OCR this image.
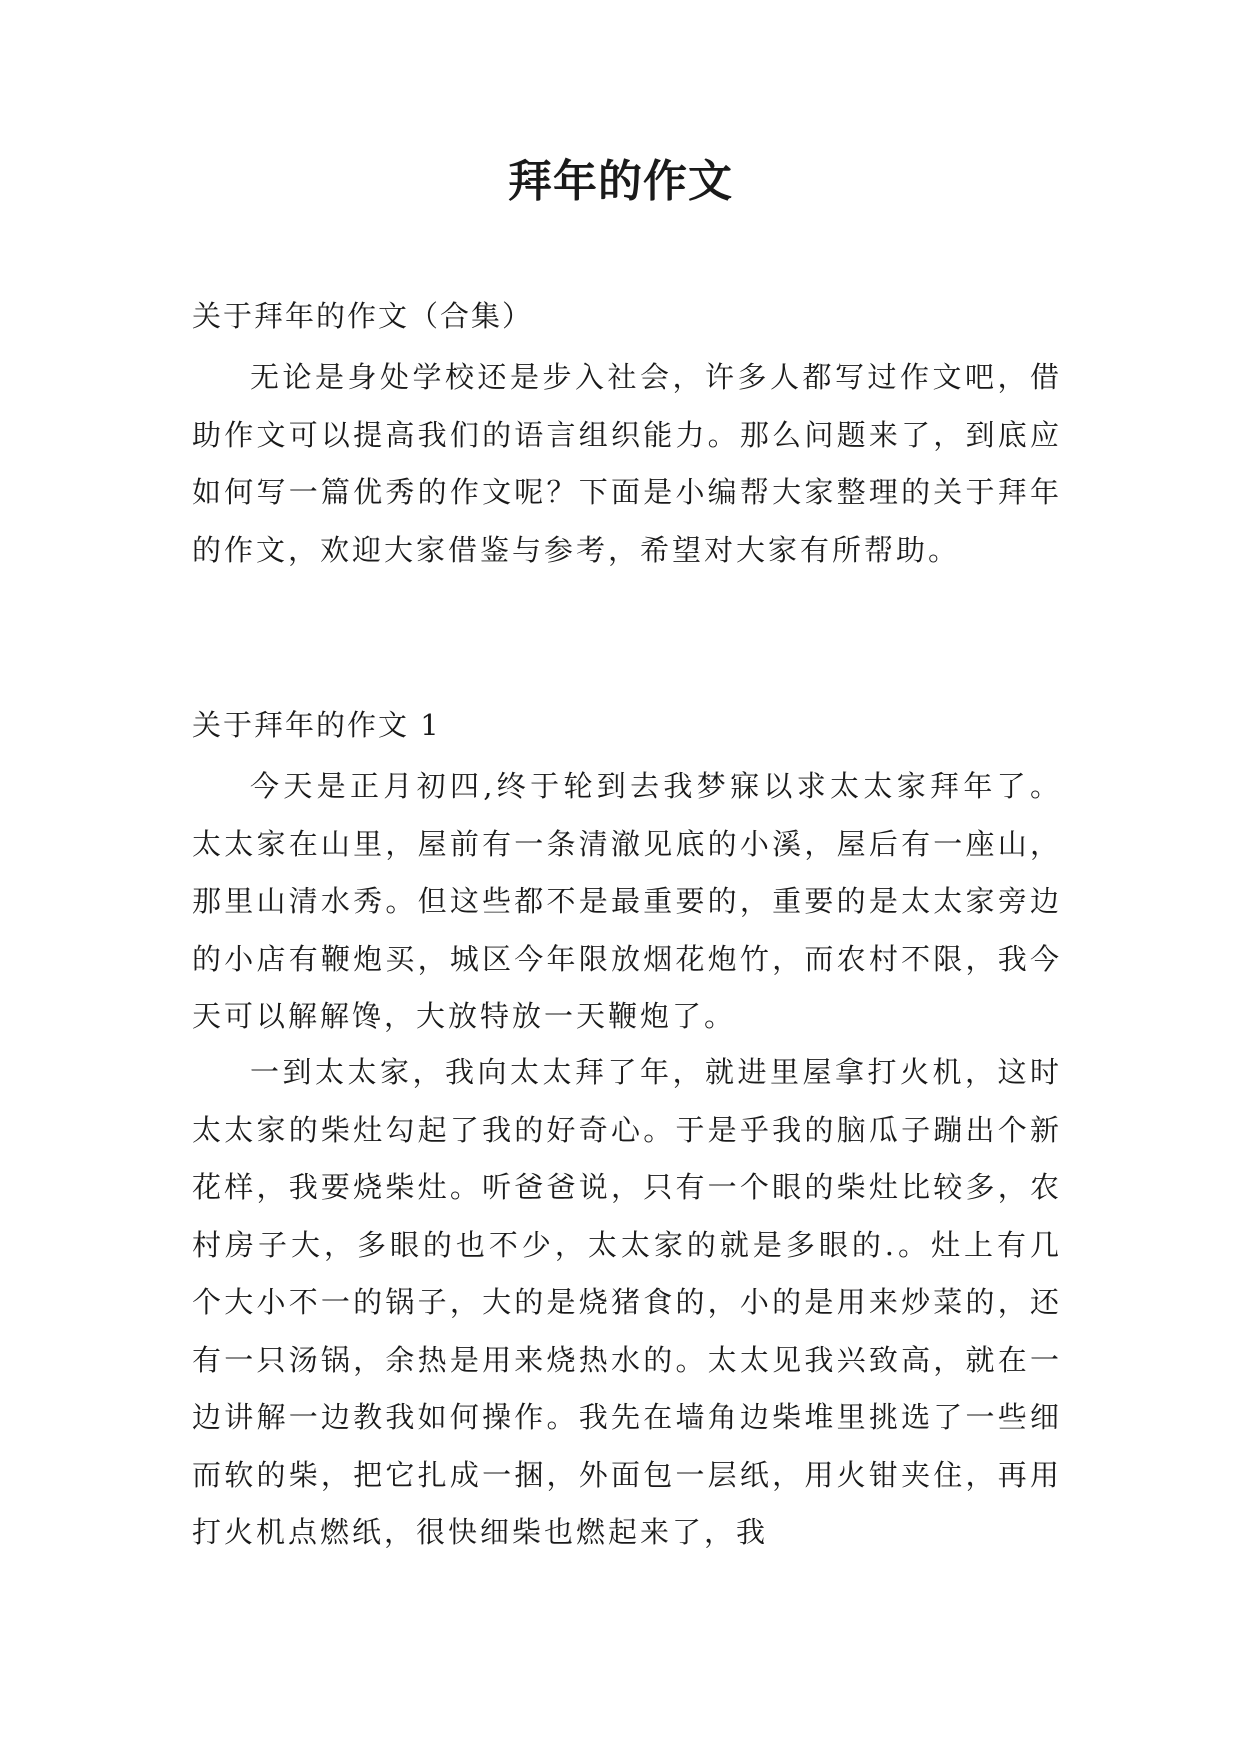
拜年的作文

关于拜年的作文（合集）

无论是身处学校还是步入社会，许多人都写过作文吧，借助作文可以提高我们的语言组织能力。那么问题来了，到底应如何写一篇优秀的作文呢？下面是小编帮大家整理的关于拜年的作文，欢迎大家借鉴与参考，希望对大家有所帮助。

关于拜年的作文 1

今天是正月初四,终于轮到去我梦寐以求太太家拜年了。太太家在山里，屋前有一条清澈见底的小溪，屋后有一座山，那里山清水秀。但这些都不是最重要的，重要的是太太家旁边的小店有鞭炮买，城区今年限放烟花炮竹，而农村不限，我今天可以解解馋，大放特放一天鞭炮了。

一到太太家，我向太太拜了年，就进里屋拿打火机，这时太太家的柴灶勾起了我的好奇心。于是乎我的脑瓜子蹦出个新花样，我要烧柴灶。听爸爸说，只有一个眼的柴灶比较多，农村房子大，多眼的也不少，太太家的就是多眼的.。灶上有几个大小不一的锅子，大的是烧猪食的，小的是用来炒菜的，还有一只汤锅，余热是用来烧热水的。太太见我兴致高，就在一边讲解一边教我如何操作。我先在墙角边柴堆里挑选了一些细而软的柴，把它扎成一捆，外面包一层纸，用火钳夹住，再用打火机点燃纸，很快细柴也燃起来了，我
